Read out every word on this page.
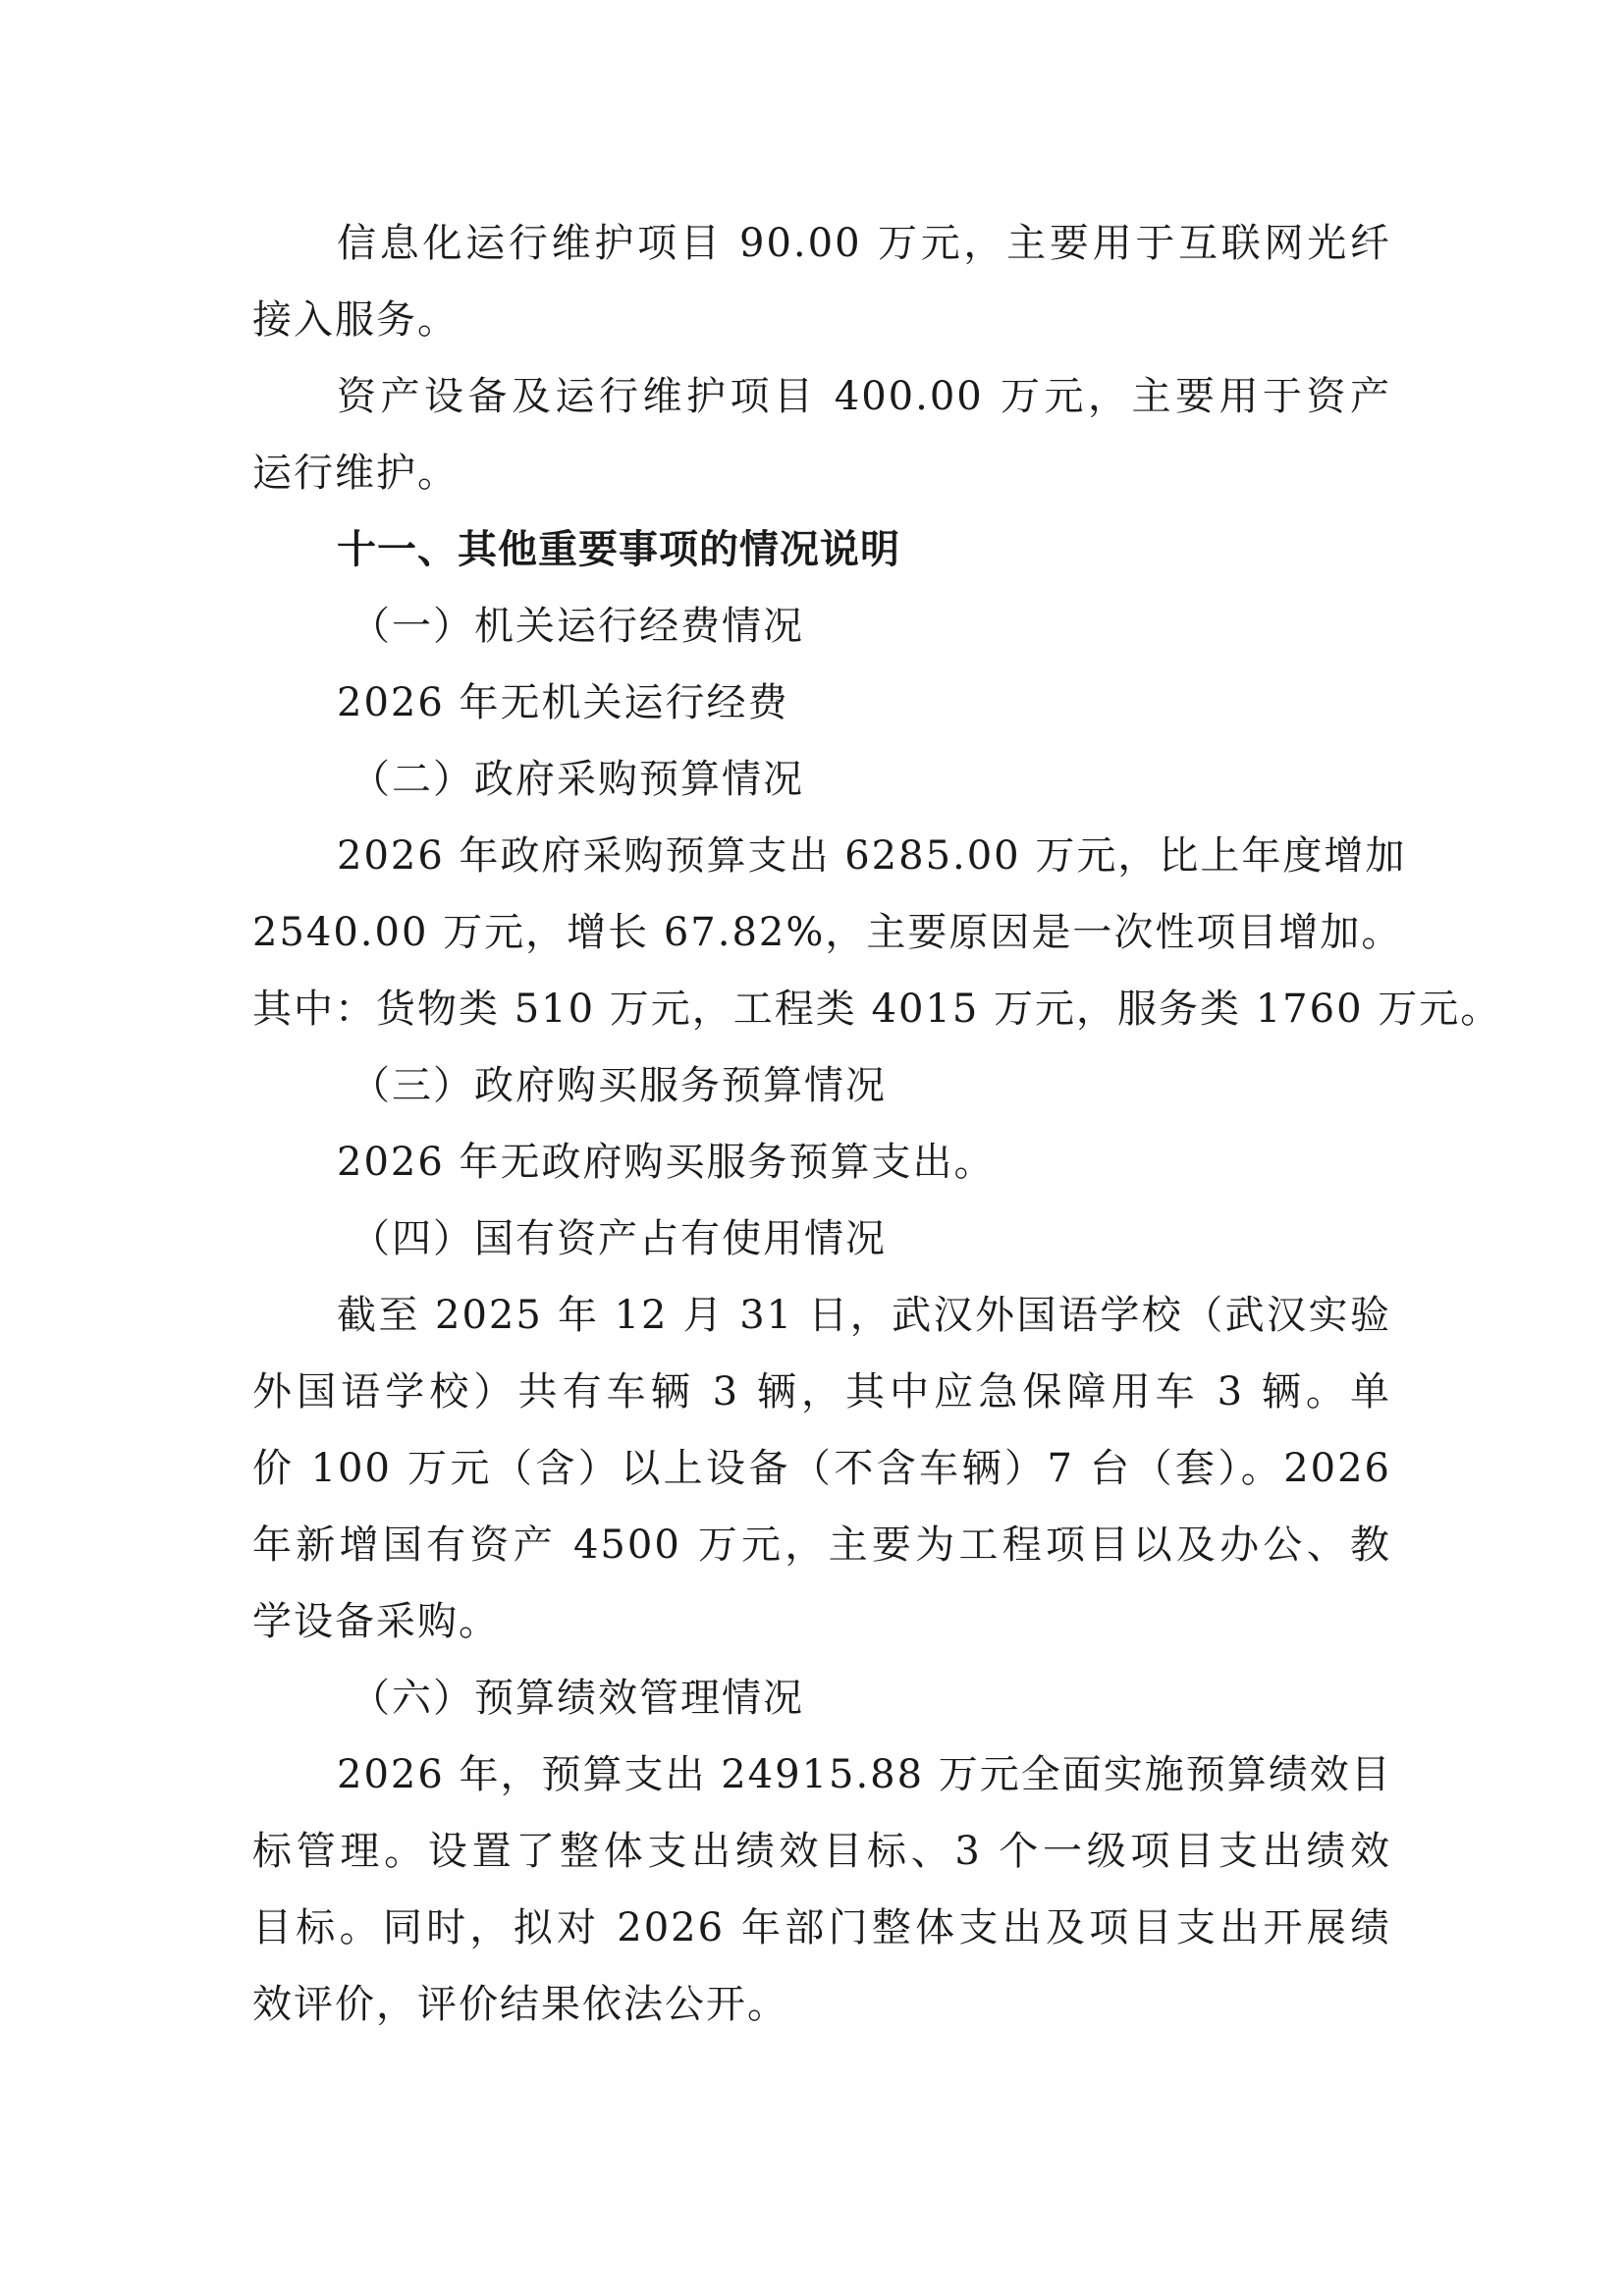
信息化运行维护项目 90.00 万元，主要用于互联网光纤
接入服务。
资产设备及运行维护项目 400.00 万元，主要用于资产
运行维护。
十一、其他重要事项的情况说明
（一）机关运行经费情况
2026 年无机关运行经费
（二）政府采购预算情况
2026 年政府采购预算支出 6285.00 万元，比上年度增加
2540.00 万元，增长 67.82%，主要原因是一次性项目增加。
其中：货物类 510 万元，工程类 4015 万元，服务类 1760 万元。
（三）政府购买服务预算情况
2026 年无政府购买服务预算支出。
（四）国有资产占有使用情况
截至 2025 年 12 月 31 日，武汉外国语学校（武汉实验
外国语学校）共有车辆 3 辆，其中应急保障用车 3 辆。单
价 100 万元（含）以上设备（不含车辆）7 台（套）。2026
年新增国有资产 4500 万元，主要为工程项目以及办公、教
学设备采购。
（六）预算绩效管理情况
2026 年，预算支出 24915.88 万元全面实施预算绩效目
标管理。设置了整体支出绩效目标、3 个一级项目支出绩效
目标。同时，拟对 2026 年部门整体支出及项目支出开展绩
效评价，评价结果依法公开。
